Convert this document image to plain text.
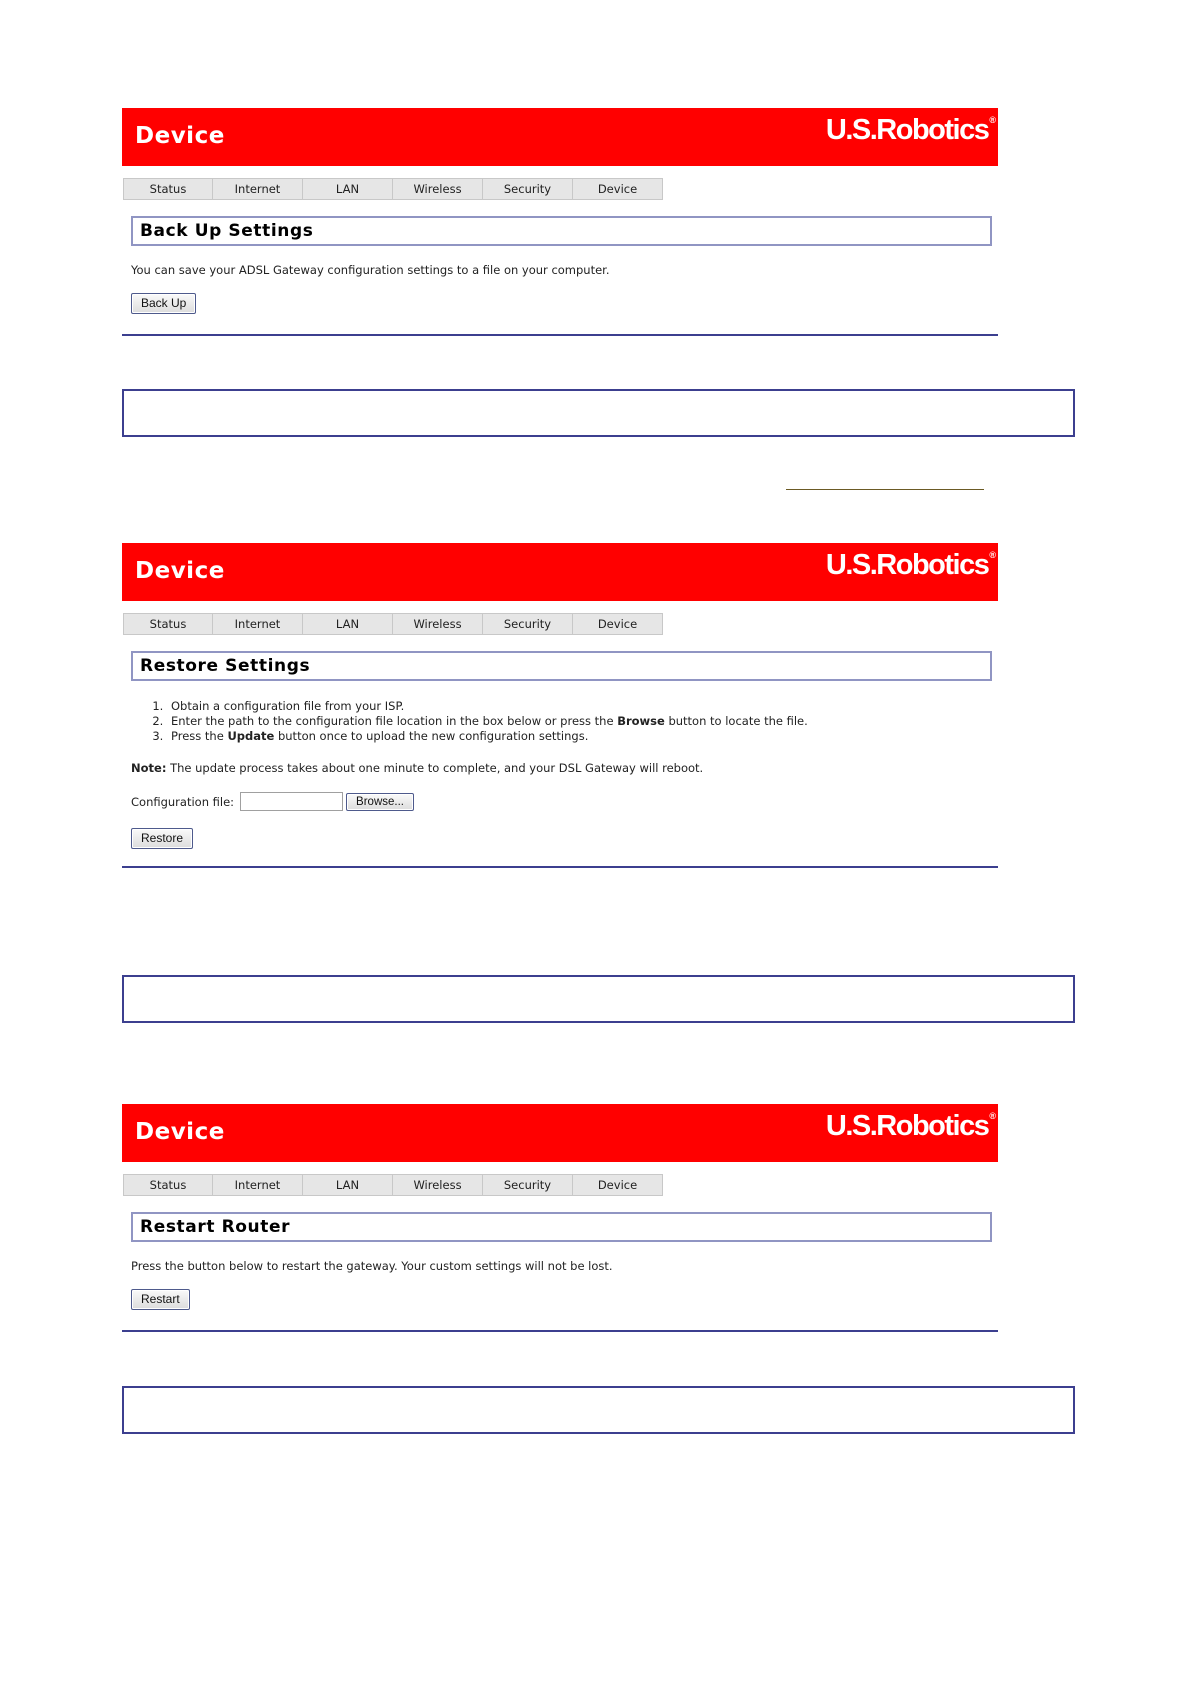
Device	U.S.Robotics®
Status	Internet	LAN	Wireless	Security	Device
Back Up Settings

You can save your ADSL Gateway configuration settings to a file on your computer.

Back Up
Device	U.S.Robotics®
Status	Internet	LAN	Wireless	Security	Device
Restore Settings
1. Obtain a configuration file from your ISP.
2. Enter the path to the configuration file location in the box below or press the Browse button to locate the file.
3. Press the Update button once to upload the new configuration settings.

Note: The update process takes about one minute to complete, and your DSL Gateway will reboot.

Configuration file:	Browse...
Restore
Device	U.S.Robotics®
Status	Internet	LAN	Wireless	Security	Device
Restart Router

Press the button below to restart the gateway. Your custom settings will not be lost.

Restart
